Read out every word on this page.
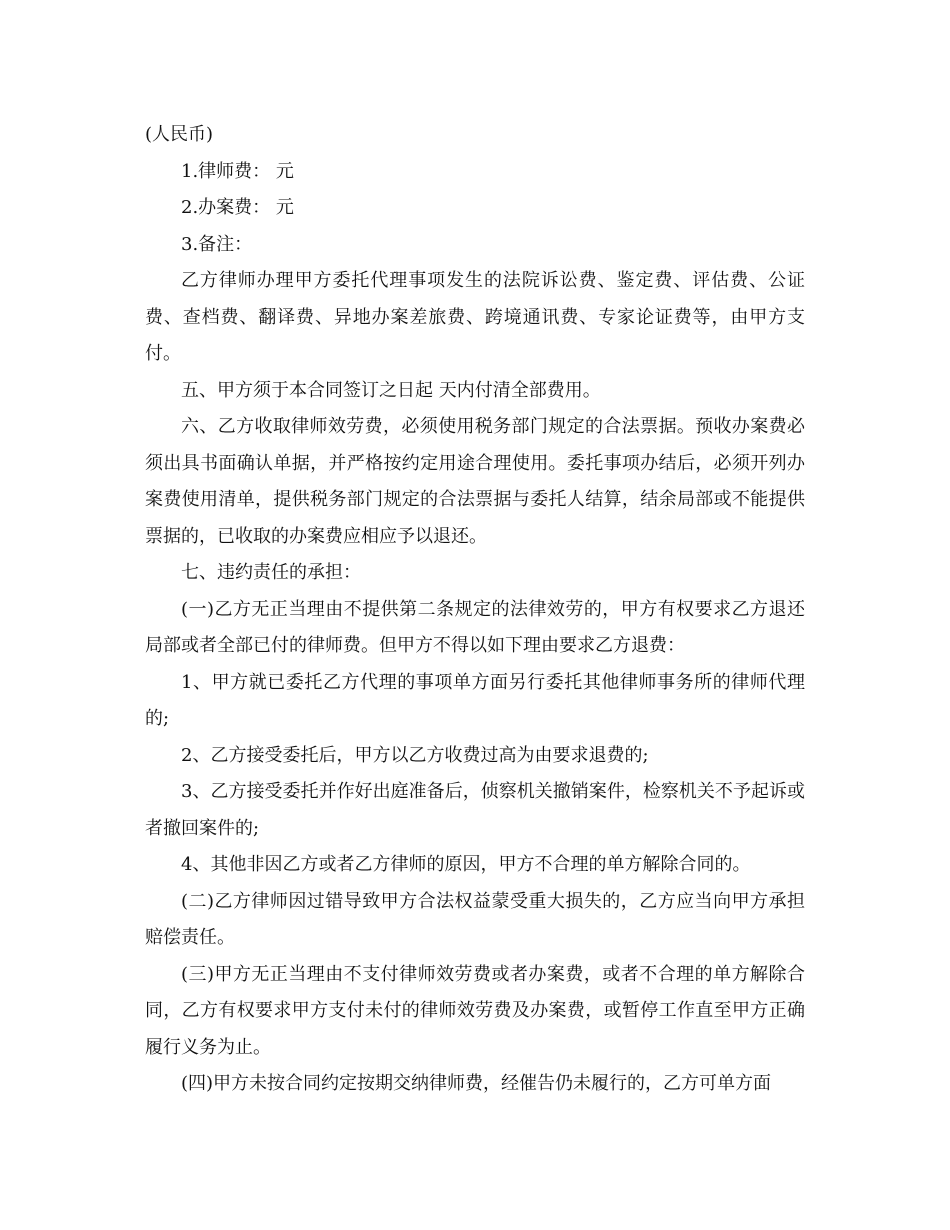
(人民币)

1.律师费： 元

2.办案费： 元

3.备注：

乙方律师办理甲方委托代理事项发生的法院诉讼费、鉴定费、评估费、公证费、查档费、翻译费、异地办案差旅费、跨境通讯费、专家论证费等，由甲方支付。

五、甲方须于本合同签订之日起 天内付清全部费用。

六、乙方收取律师效劳费，必须使用税务部门规定的合法票据。预收办案费必须出具书面确认单据，并严格按约定用途合理使用。委托事项办结后，必须开列办案费使用清单，提供税务部门规定的合法票据与委托人结算，结余局部或不能提供票据的，已收取的办案费应相应予以退还。

七、违约责任的承担：

(一)乙方无正当理由不提供第二条规定的法律效劳的，甲方有权要求乙方退还局部或者全部已付的律师费。但甲方不得以如下理由要求乙方退费：

1、甲方就已委托乙方代理的事项单方面另行委托其他律师事务所的律师代理的;

2、乙方接受委托后，甲方以乙方收费过高为由要求退费的;

3、乙方接受委托并作好出庭准备后，侦察机关撤销案件，检察机关不予起诉或者撤回案件的;

4、其他非因乙方或者乙方律师的原因，甲方不合理的单方解除合同的。

(二)乙方律师因过错导致甲方合法权益蒙受重大损失的，乙方应当向甲方承担赔偿责任。

(三)甲方无正当理由不支付律师效劳费或者办案费，或者不合理的单方解除合同，乙方有权要求甲方支付未付的律师效劳费及办案费，或暂停工作直至甲方正确履行义务为止。

(四)甲方未按合同约定按期交纳律师费，经催告仍未履行的，乙方可单方面
